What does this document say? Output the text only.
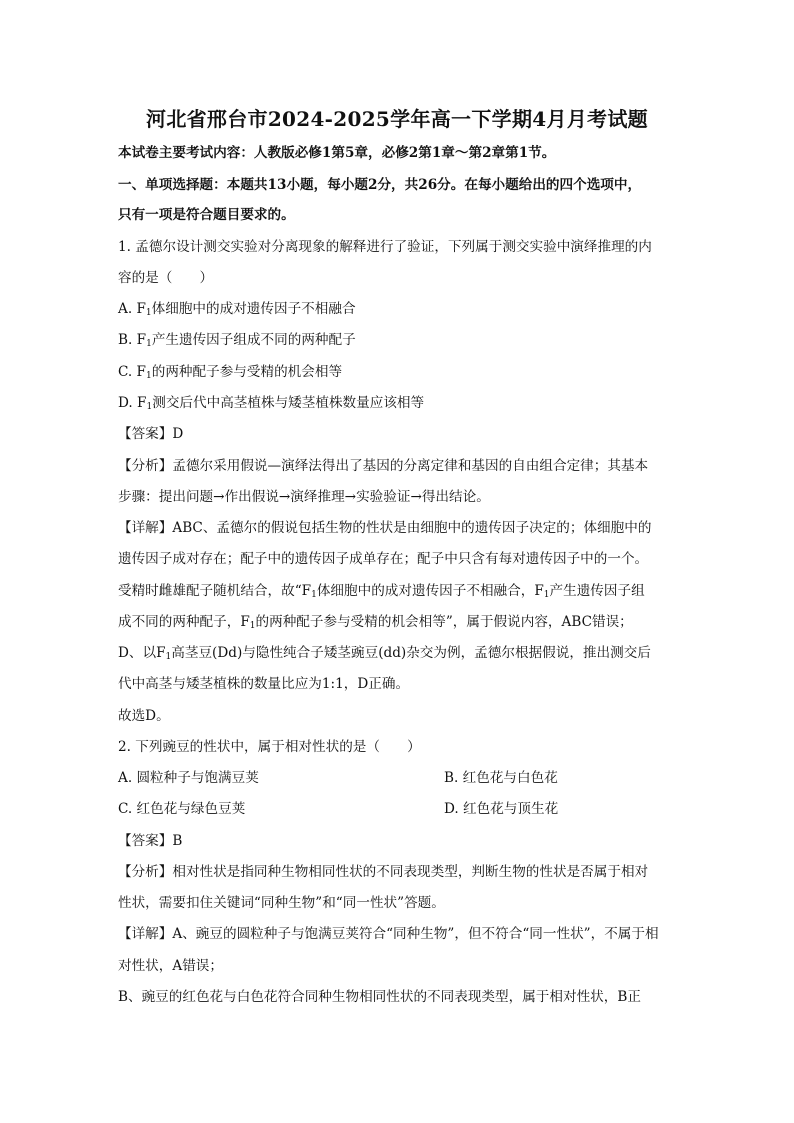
河北省邢台市2024-2025学年高一下学期4月月考试题
本试卷主要考试内容：人教版必修1第5章，必修2第1章～第2章第1节。
一、单项选择题：本题共13小题，每小题2分，共26分。在每小题给出的四个选项中，
只有一项是符合题目要求的。
1. 孟德尔设计测交实验对分离现象的解释进行了验证，下列属于测交实验中演绎推理的内
容的是（　　）
A. $F_1$体细胞中的成对遗传因子不相融合
B. $F_1$产生遗传因子组成不同的两种配子
C. $F_1$的两种配子参与受精的机会相等
D. $F_1$测交后代中高茎植株与矮茎植株数量应该相等
【答案】D
【分析】孟德尔采用假说—演绎法得出了基因的分离定律和基因的自由组合定律；其基本
步骤：提出问题→作出假说→演绎推理→实验验证→得出结论。
【详解】ABC、孟德尔的假说包括生物的性状是由细胞中的遗传因子决定的；体细胞中的
遗传因子成对存在；配子中的遗传因子成单存在；配子中只含有每对遗传因子中的一个。
受精时雌雄配子随机结合，故“$F_1$体细胞中的成对遗传因子不相融合，$F_1$产生遗传因子组
成不同的两种配子，$F_1$的两种配子参与受精的机会相等”，属于假说内容，ABC错误；
D、以$F_1$高茎豆(Dd)与隐性纯合子矮茎豌豆(dd)杂交为例，孟德尔根据假说，推出测交后
代中高茎与矮茎植株的数量比应为1:1，D正确。
故选D。
2. 下列豌豆的性状中，属于相对性状的是（　　）
A. 圆粒种子与饱满豆荚	B. 红色花与白色花
C. 红色花与绿色豆荚	D. 红色花与顶生花
【答案】B
【分析】相对性状是指同种生物相同性状的不同表现类型，判断生物的性状是否属于相对
性状，需要扣住关键词“同种生物”和“同一性状”答题。
【详解】A、豌豆的圆粒种子与饱满豆荚符合“同种生物”，但不符合“同一性状”，不属于相
对性状，A错误；
B、豌豆的红色花与白色花符合同种生物相同性状的不同表现类型，属于相对性状，B正
